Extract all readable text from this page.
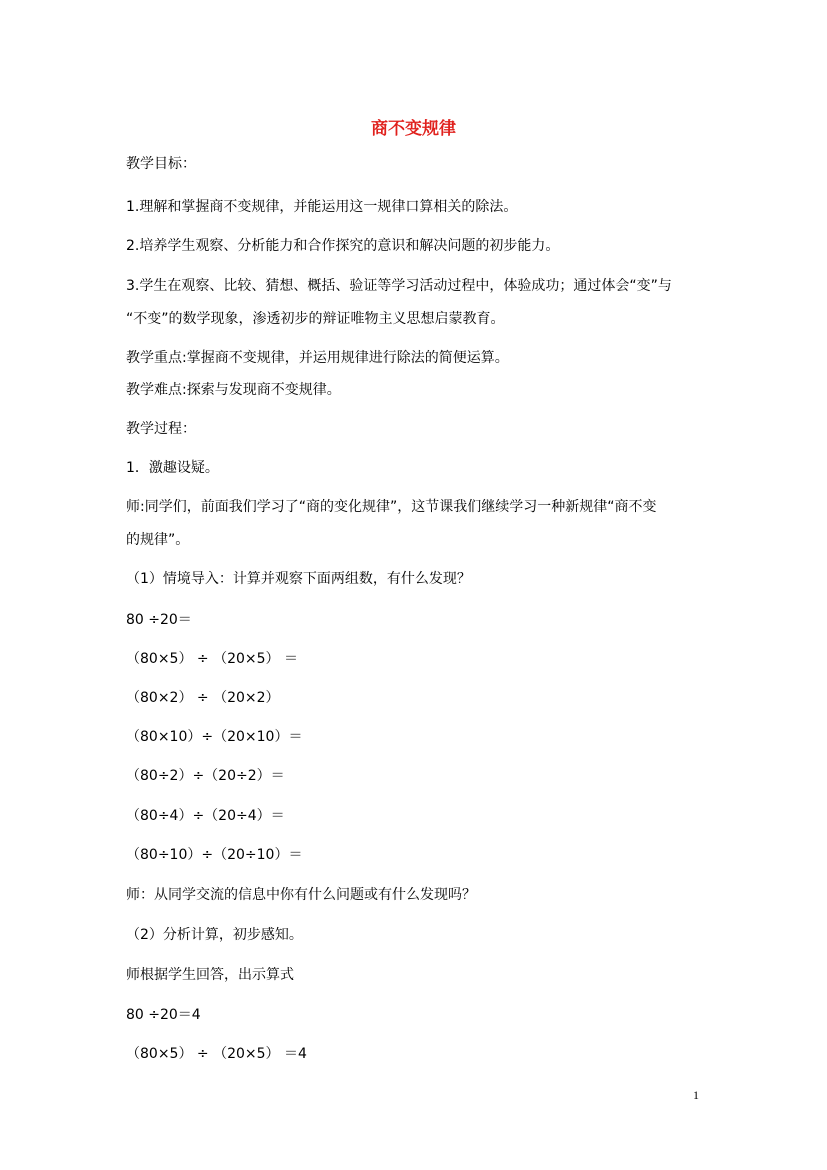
商不变规律
教学目标：
1.理解和掌握商不变规律，并能运用这一规律口算相关的除法。
2.培养学生观察、分析能力和合作探究的意识和解决问题的初步能力。
3.学生在观察、比较、猜想、概括、验证等学习活动过程中，体验成功；通过体会“变”与
“不变”的数学现象，渗透初步的辩证唯物主义思想启蒙教育。
教学重点:掌握商不变规律，并运用规律进行除法的简便运算。
教学难点:探索与发现商不变规律。
教学过程：
1．激趣设疑。
师:同学们，前面我们学习了“商的变化规律”，这节课我们继续学习一种新规律“商不变
的规律”。
（1）情境导入：计算并观察下面两组数，有什么发现？
80 ÷20＝
（80×5） ÷ （20×5） ＝
（80×2） ÷ （20×2）
（80×10）÷（20×10）＝
（80÷2）÷（20÷2）＝
（80÷4）÷（20÷4）＝
（80÷10）÷（20÷10）＝
师：从同学交流的信息中你有什么问题或有什么发现吗？
（2）分析计算，初步感知。
师根据学生回答，出示算式
80 ÷20＝4
（80×5） ÷ （20×5） ＝4
1
